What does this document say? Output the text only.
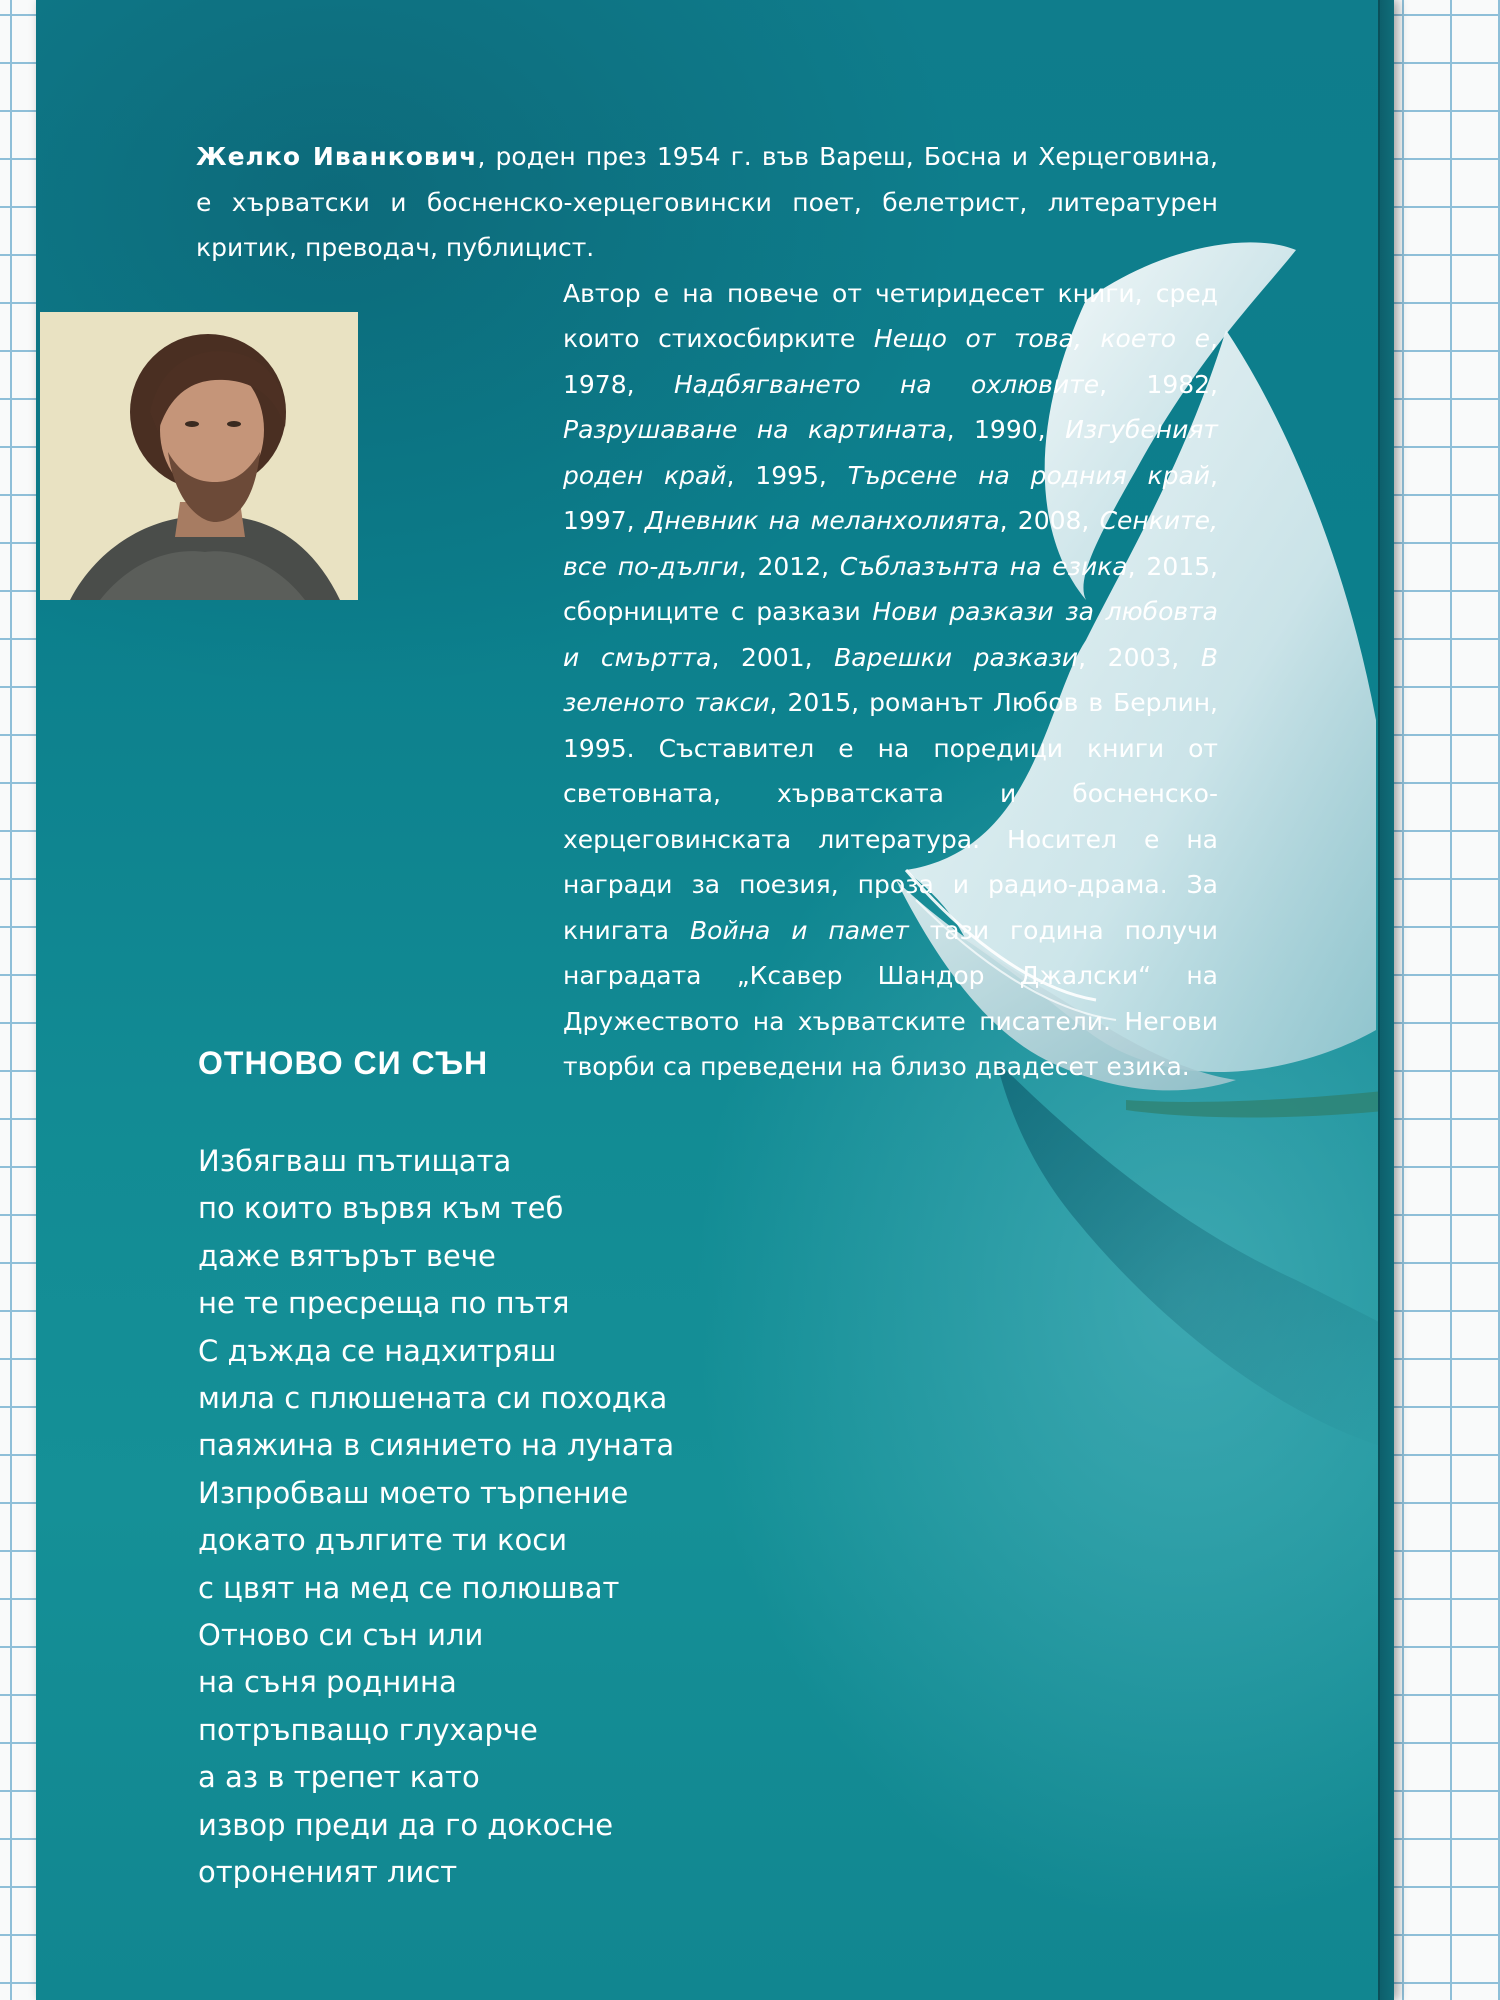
Желко Иванкович, роден през 1954 г. във Вареш, Босна и Херцеговина, е хърватски и босненско-херцеговински поет, белетрист, литературен критик, преводач, публицист.

Автор е на повече от четиридесет книги, сред които стихосбирките Нещо от това, което е, 1978, Надбягването на охлювите, 1982, Разрушаване на картината, 1990, Изгубеният роден край, 1995, Търсене на родния край, 1997, Дневник на меланхолията, 2008, Сенките, все по-дълги, 2012, Съблазънта на езика, 2015, сборниците с разкази Нови разкази за любовта и смъртта, 2001, Варешки разкази, 2003, В зеленото такси, 2015, романът Любов в Берлин, 1995. Съставител е на поредици книги от световната, хърватската и босненско-херцеговинската литература. Носител е на награди за поезия, проза и радио-драма. За книгата Война и памет тази година получи наградата „Ксавер Шандор Джалски“ на Дружеството на хърватските писатели. Негови творби са преведени на близо двадесет езика.

ОТНОВО СИ СЪН
Избягваш пътищата
по които вървя към теб
даже вятърът вече
не те пресреща по пътя
С дъжда се надхитряш
мила с плюшената си походка
паяжина в сиянието на луната
Изпробваш моето търпение
докато дългите ти коси
с цвят на мед се полюшват
Отново си сън или
на съня роднина
потръпващо глухарче
а аз в трепет като
извор преди да го докосне
отрoненият лист
